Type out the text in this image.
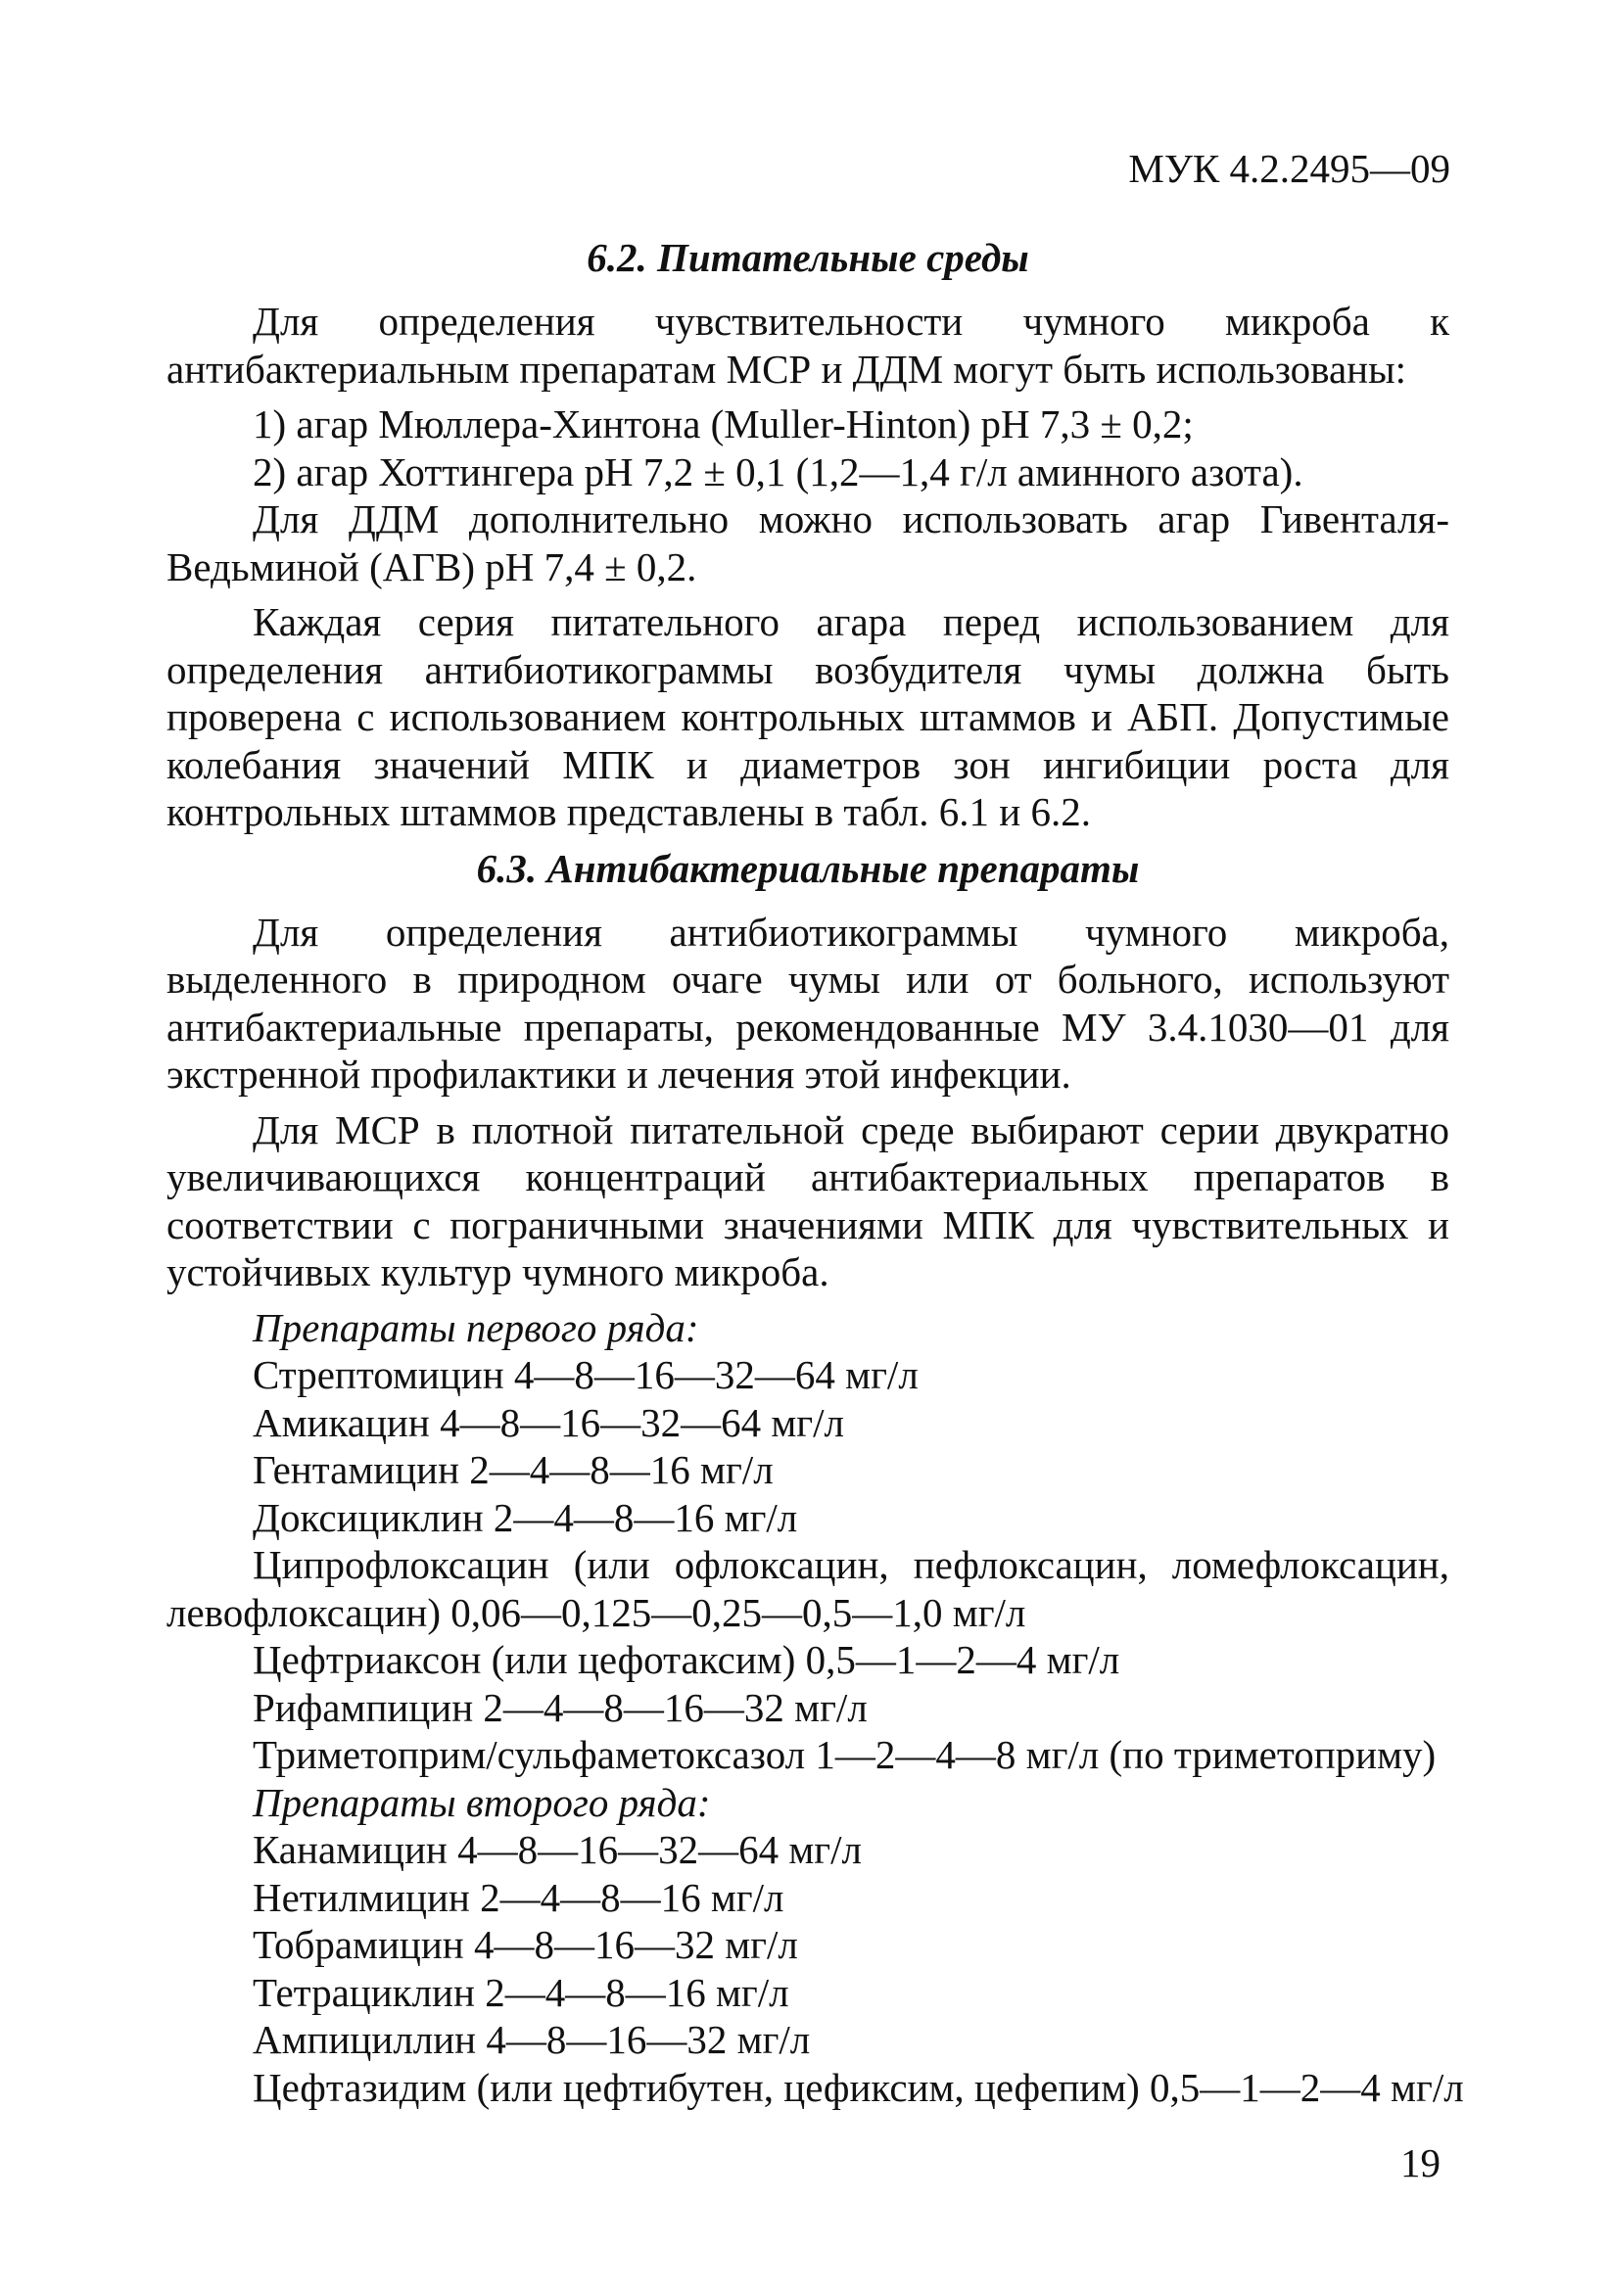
МУК 4.2.2495—09
6.2. Питательные среды

Для определения чувствительности чумного микроба к антибактериальным препаратам МСР и ДДМ могут быть использованы:

1) агар Мюллера-Хинтона (Muller-Hinton) pH 7,3 ± 0,2;

2) агар Хоттингера pH 7,2 ± 0,1 (1,2—1,4 г/л аминного азота).

Для ДДМ дополнительно можно использовать агар Гивенталя-Ведьминой (АГВ) pH 7,4 ± 0,2.

Каждая серия питательного агара перед использованием для определения антибиотикограммы возбудителя чумы должна быть проверена с использованием контрольных штаммов и АБП. Допустимые колебания значений МПК и диаметров зон ингибиции роста для контрольных штаммов представлены в табл. 6.1 и 6.2.

6.3. Антибактериальные препараты

Для определения антибиотикограммы чумного микроба, выделенного в природном очаге чумы или от больного, используют антибактериальные препараты, рекомендованные МУ 3.4.1030—01 для экстренной профилактики и лечения этой инфекции.

Для МСР в плотной питательной среде выбирают серии двукратно увеличивающихся концентраций антибактериальных препаратов в соответствии с пограничными значениями МПК для чувствительных и устойчивых культур чумного микроба.

Препараты первого ряда:

Стрептомицин 4—8—16—32—64 мг/л

Амикацин 4—8—16—32—64 мг/л

Гентамицин 2—4—8—16 мг/л

Доксициклин 2—4—8—16 мг/л

Ципрофлоксацин (или офлоксацин, пефлоксацин, ломефлоксацин, левофлоксацин) 0,06—0,125—0,25—0,5—1,0 мг/л

Цефтриаксон (или цефотаксим) 0,5—1—2—4 мг/л

Рифампицин 2—4—8—16—32 мг/л

Триметоприм/сульфаметоксазол 1—2—4—8 мг/л (по триметоприму)

Препараты второго ряда:

Канамицин 4—8—16—32—64 мг/л

Нетилмицин 2—4—8—16 мг/л

Тобрамицин 4—8—16—32 мг/л

Тетрациклин 2—4—8—16 мг/л

Ампициллин 4—8—16—32 мг/л

Цефтазидим (или цефтибутен, цефиксим, цефепим) 0,5—1—2—4 мг/л

19
